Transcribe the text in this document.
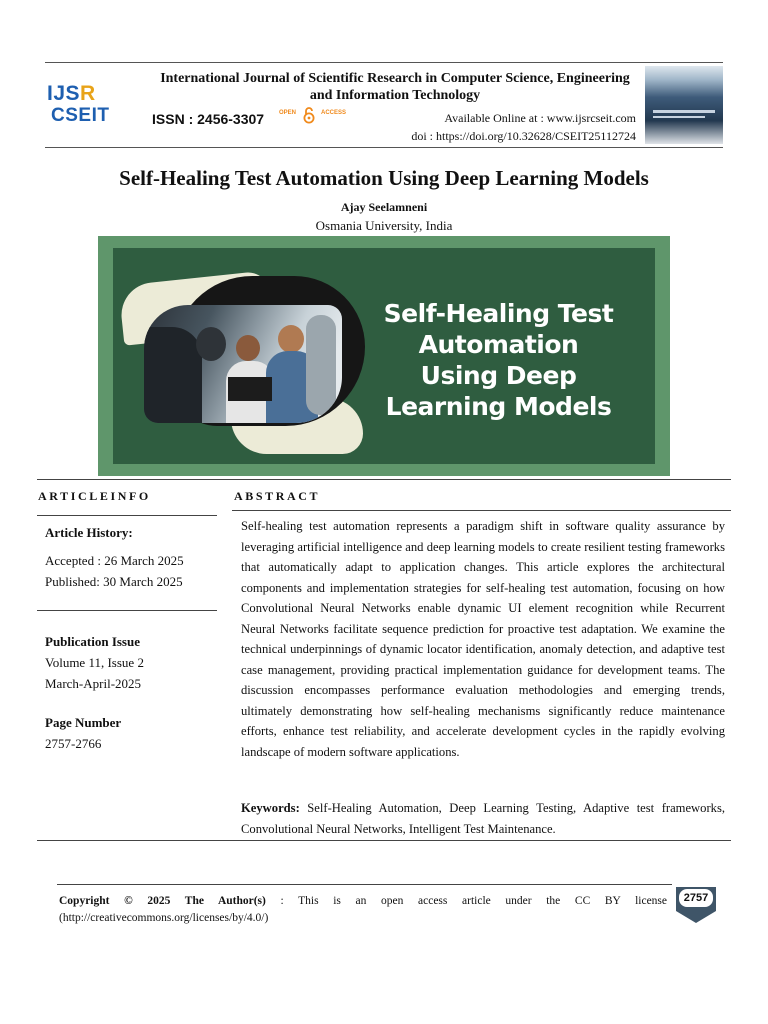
IJSR
CSEIT
International Journal of Scientific Research in Computer Science, Engineering and Information Technology
ISSN : 2456-3307 OPEN	ACCESS	Available Online at : www.ijsrcseit.com
doi : https://doi.org/10.32628/CSEIT25112724
Self-Healing Test Automation Using Deep Learning Models
Ajay Seelamneni
Osmania University, India
Self-Healing Test
Automation
Using Deep
Learning Models
ARTICLEINFO	ABSTRACT
Article History:
Accepted : 26 March 2025
Published: 30 March 2025
Publication Issue
Volume 11, Issue 2
March-April-2025
Page Number
2757-2766
Self-healing test automation represents a paradigm shift in software quality assurance by leveraging artificial intelligence and deep learning models to create resilient testing frameworks that automatically adapt to application changes. This article explores the architectural components and implementation strategies for self-healing test automation, focusing on how Convolutional Neural Networks enable dynamic UI element recognition while Recurrent Neural Networks facilitate sequence prediction for proactive test adaptation. We examine the technical underpinnings of dynamic locator identification, anomaly detection, and adaptive test case management, providing practical implementation guidance for development teams. The discussion encompasses performance evaluation methodologies and emerging trends, ultimately demonstrating how self-healing mechanisms significantly reduce maintenance efforts, enhance test reliability, and accelerate development cycles in the rapidly evolving landscape of modern software applications.
Keywords: Self-Healing Automation, Deep Learning Testing, Adaptive test frameworks, Convolutional Neural Networks, Intelligent Test Maintenance.
Copyright © 2025 The Author(s) : This is an open access article under the CC BY license (http://creativecommons.org/licenses/by/4.0/)
2757
